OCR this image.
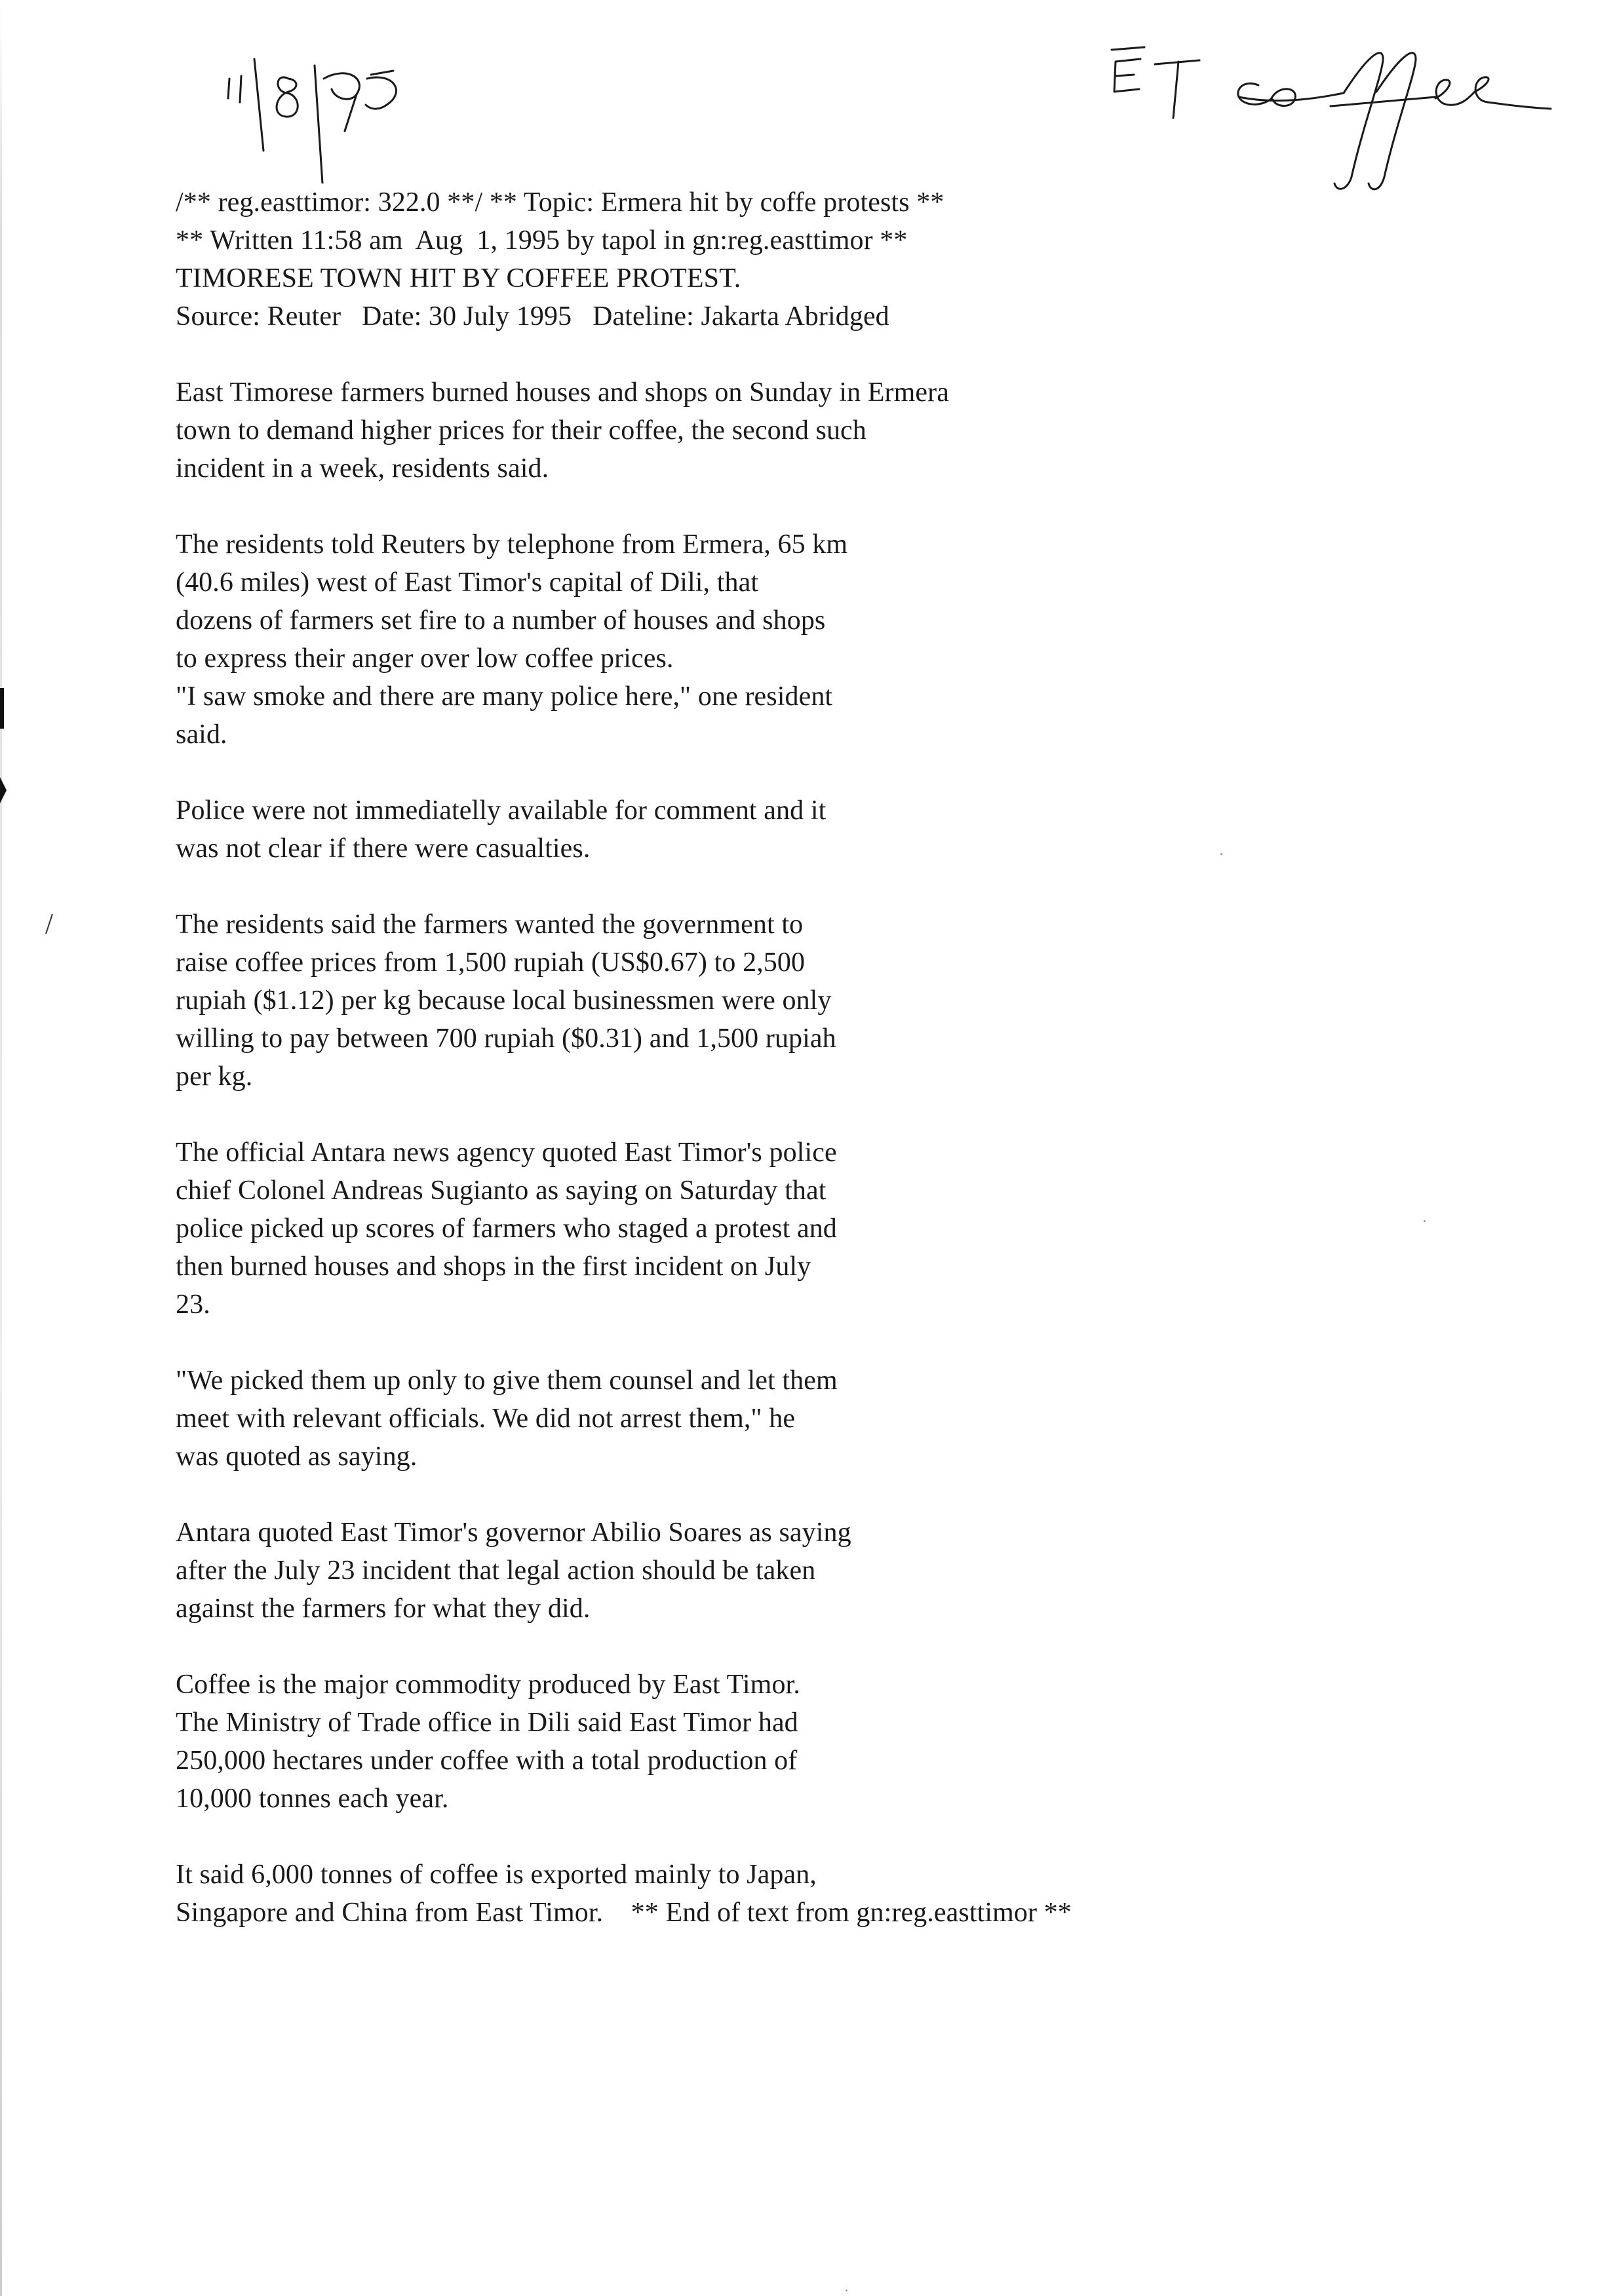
11/8/95
ET coffee
/** reg.easttimor: 322.0 **/ ** Topic: Ermera hit by coffe protests **
** Written 11:58 am  Aug  1, 1995 by tapol in gn:reg.easttimor **
TIMORESE TOWN HIT BY COFFEE PROTEST.
Source: Reuter   Date: 30 July 1995   Dateline: Jakarta Abridged
East Timorese farmers burned houses and shops on Sunday in Ermera
town to demand higher prices for their coffee, the second such
incident in a week, residents said.
The residents told Reuters by telephone from Ermera, 65 km
(40.6 miles) west of East Timor's capital of Dili, that
dozens of farmers set fire to a number of houses and shops
to express their anger over low coffee prices.
"I saw smoke and there are many police here," one resident
said.
Police were not immediatelly available for comment and it
was not clear if there were casualties.
The residents said the farmers wanted the government to
raise coffee prices from 1,500 rupiah (US$0.67) to 2,500
rupiah ($1.12) per kg because local businessmen were only
willing to pay between 700 rupiah ($0.31) and 1,500 rupiah
per kg.
The official Antara news agency quoted East Timor's police
chief Colonel Andreas Sugianto as saying on Saturday that
police picked up scores of farmers who staged a protest and
then burned houses and shops in the first incident on July
23.
"We picked them up only to give them counsel and let them
meet with relevant officials. We did not arrest them," he
was quoted as saying.
Antara quoted East Timor's governor Abilio Soares as saying
after the July 23 incident that legal action should be taken
against the farmers for what they did.
Coffee is the major commodity produced by East Timor.
The Ministry of Trade office in Dili said East Timor had
250,000 hectares under coffee with a total production of
10,000 tonnes each year.
It said 6,000 tonnes of coffee is exported mainly to Japan,
Singapore and China from East Timor.    ** End of text from gn:reg.easttimor **
